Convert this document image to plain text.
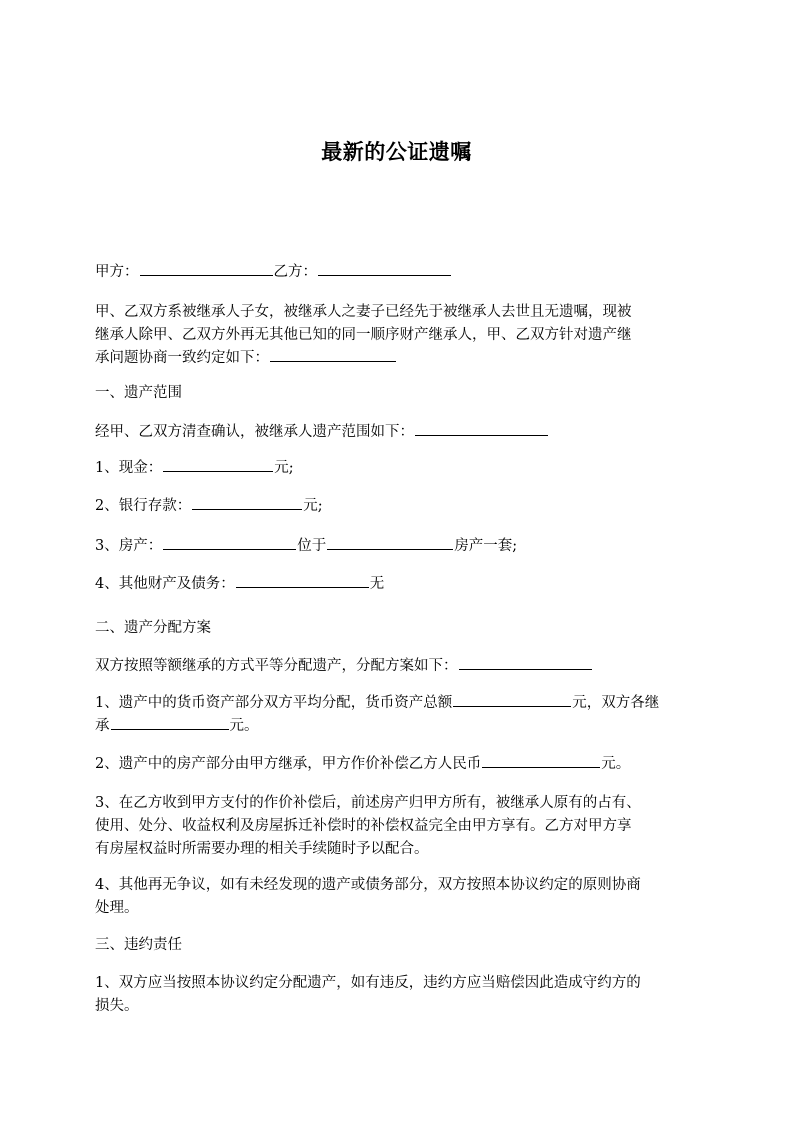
最新的公证遗嘱
甲方：	乙方：
甲、乙双方系被继承人子女，被继承人之妻子已经先于被继承人去世且无遗嘱，现被
继承人除甲、乙双方外再无其他已知的同一顺序财产继承人，甲、乙双方针对遗产继
承问题协商一致约定如下：
一、遗产范围
经甲、乙双方清查确认，被继承人遗产范围如下：
1、现金：	元;
2、银行存款：	元;
3、房产：	位于	房产一套;
4、其他财产及债务：	无
二、遗产分配方案
双方按照等额继承的方式平等分配遗产，分配方案如下：
1、遗产中的货币资产部分双方平均分配，货币资产总额	元，双方各继
承	元。
2、遗产中的房产部分由甲方继承，甲方作价补偿乙方人民币	元。
3、在乙方收到甲方支付的作价补偿后，前述房产归甲方所有，被继承人原有的占有、
使用、处分、收益权利及房屋拆迁补偿时的补偿权益完全由甲方享有。乙方对甲方享
有房屋权益时所需要办理的相关手续随时予以配合。
4、其他再无争议，如有未经发现的遗产或债务部分，双方按照本协议约定的原则协商
处理。
三、违约责任
1、双方应当按照本协议约定分配遗产，如有违反，违约方应当赔偿因此造成守约方的
损失。
